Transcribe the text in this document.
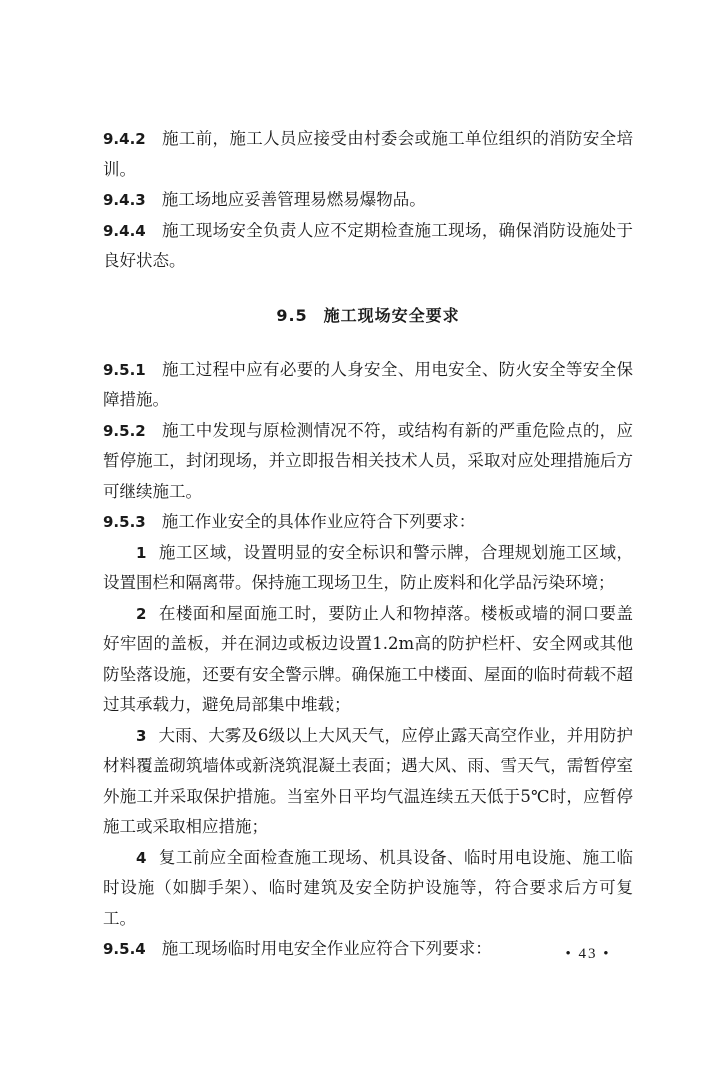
9.4.2 施工前，施工人员应接受由村委会或施工单位组织的消防安全培训。

9.4.3 施工场地应妥善管理易燃易爆物品。

9.4.4 施工现场安全负责人应不定期检查施工现场，确保消防设施处于良好状态。

9.5 施工现场安全要求

9.5.1 施工过程中应有必要的人身安全、用电安全、防火安全等安全保障措施。

9.5.2 施工中发现与原检测情况不符，或结构有新的严重危险点的，应暂停施工，封闭现场，并立即报告相关技术人员，采取对应处理措施后方可继续施工。

9.5.3 施工作业安全的具体作业应符合下列要求：

1 施工区域，设置明显的安全标识和警示牌，合理规划施工区域，设置围栏和隔离带。保持施工现场卫生，防止废料和化学品污染环境；

2 在楼面和屋面施工时，要防止人和物掉落。楼板或墙的洞口要盖好牢固的盖板，并在洞边或板边设置1.2m高的防护栏杆、安全网或其他防坠落设施，还要有安全警示牌。确保施工中楼面、屋面的临时荷载不超过其承载力，避免局部集中堆载；

3 大雨、大雾及6级以上大风天气，应停止露天高空作业，并用防护材料覆盖砌筑墙体或新浇筑混凝土表面；遇大风、雨、雪天气，需暂停室外施工并采取保护措施。当室外日平均气温连续五天低于5℃时，应暂停施工或采取相应措施；

4 复工前应全面检查施工现场、机具设备、临时用电设施、施工临时设施（如脚手架）、临时建筑及安全防护设施等，符合要求后方可复工。

9.5.4 施工现场临时用电安全作业应符合下列要求：	• 43 •
